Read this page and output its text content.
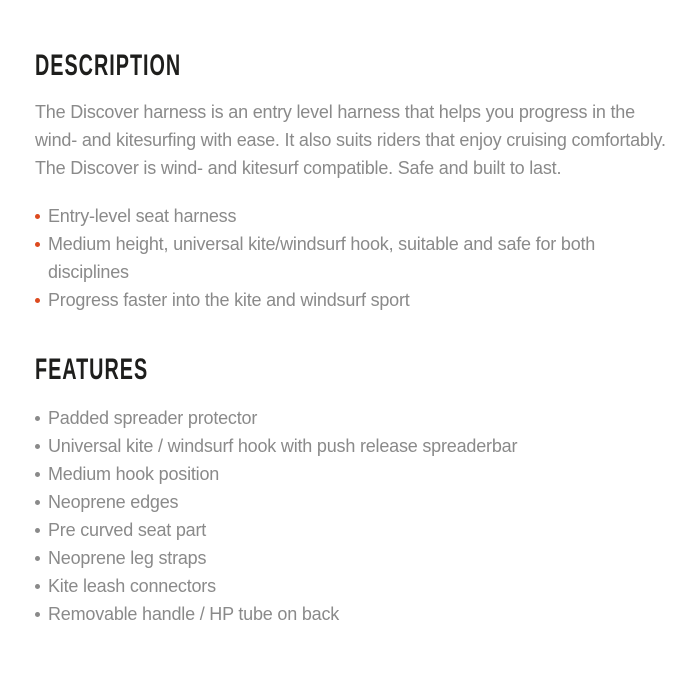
DESCRIPTION

The Discover harness is an entry level harness that helps you progress in the wind- and kitesurfing with ease. It also suits riders that enjoy cruising comfortably. The Discover is wind- and kitesurf compatible. Safe and built to last.

Entry-level seat harness
Medium height, universal kite/windsurf hook, suitable and safe for both disciplines
Progress faster into the kite and windsurf sport
FEATURES
Padded spreader protector
Universal kite / windsurf hook with push release spreaderbar
Medium hook position
Neoprene edges
Pre curved seat part
Neoprene leg straps
Kite leash connectors
Removable handle / HP tube on back
